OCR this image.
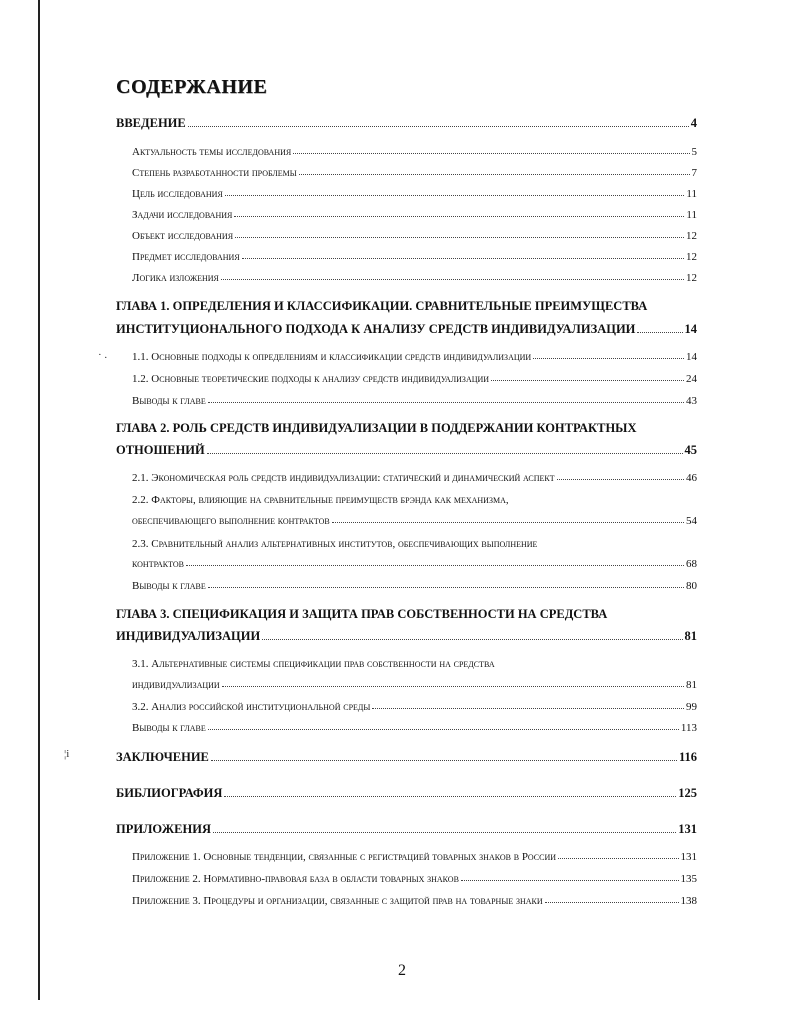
· .
¦i
СОДЕРЖАНИЕ
ВВЕДЕНИЕ	4
Актуальность темы исследования	5
Степень разработанности проблемы	7
Цель исследования	11
Задачи исследования	11
Объект исследования	12
Предмет исследования	12
Логика изложения	12
ГЛАВА 1. ОПРЕДЕЛЕНИЯ И КЛАССИФИКАЦИИ. СРАВНИТЕЛЬНЫЕ ПРЕИМУЩЕСТВА
ИНСТИТУЦИОНАЛЬНОГО ПОДХОДА К АНАЛИЗУ СРЕДСТВ ИНДИВИДУАЛИЗАЦИИ	14
1.1. Основные подходы к определениям и классификации средств индивидуализации	14
1.2. Основные теоретические подходы к анализу средств индивидуализации	24
Выводы к главе	43
ГЛАВА 2. РОЛЬ СРЕДСТВ ИНДИВИДУАЛИЗАЦИИ В ПОДДЕРЖАНИИ КОНТРАКТНЫХ
ОТНОШЕНИЙ	45
2.1. Экономическая роль средств индивидуализации: статический и динамический аспект	46
2.2. Факторы, влияющие на сравнительные преимуществ брэнда как механизма,
обеспечивающего выполнение контрактов	54
2.3. Сравнительный анализ альтернативных институтов, обеспечивающих выполнение
контрактов	68
Выводы к главе	80
ГЛАВА 3. СПЕЦИФИКАЦИЯ И ЗАЩИТА ПРАВ СОБСТВЕННОСТИ НА СРЕДСТВА
ИНДИВИДУАЛИЗАЦИИ	81
3.1. Альтернативные системы спецификации прав собственности на средства
индивидуализации	81
3.2. Анализ российской институциональной среды	99
Выводы к главе	113
ЗАКЛЮЧЕНИЕ	116
БИБЛИОГРАФИЯ	125
ПРИЛОЖЕНИЯ	131
Приложение 1. Основные тенденции, связанные с регистрацией товарных знаков в России	131
Приложение 2. Нормативно-правовая база в области товарных знаков	135
Приложение 3. Процедуры и организации, связанные с защитой прав на товарные знаки	138
2
